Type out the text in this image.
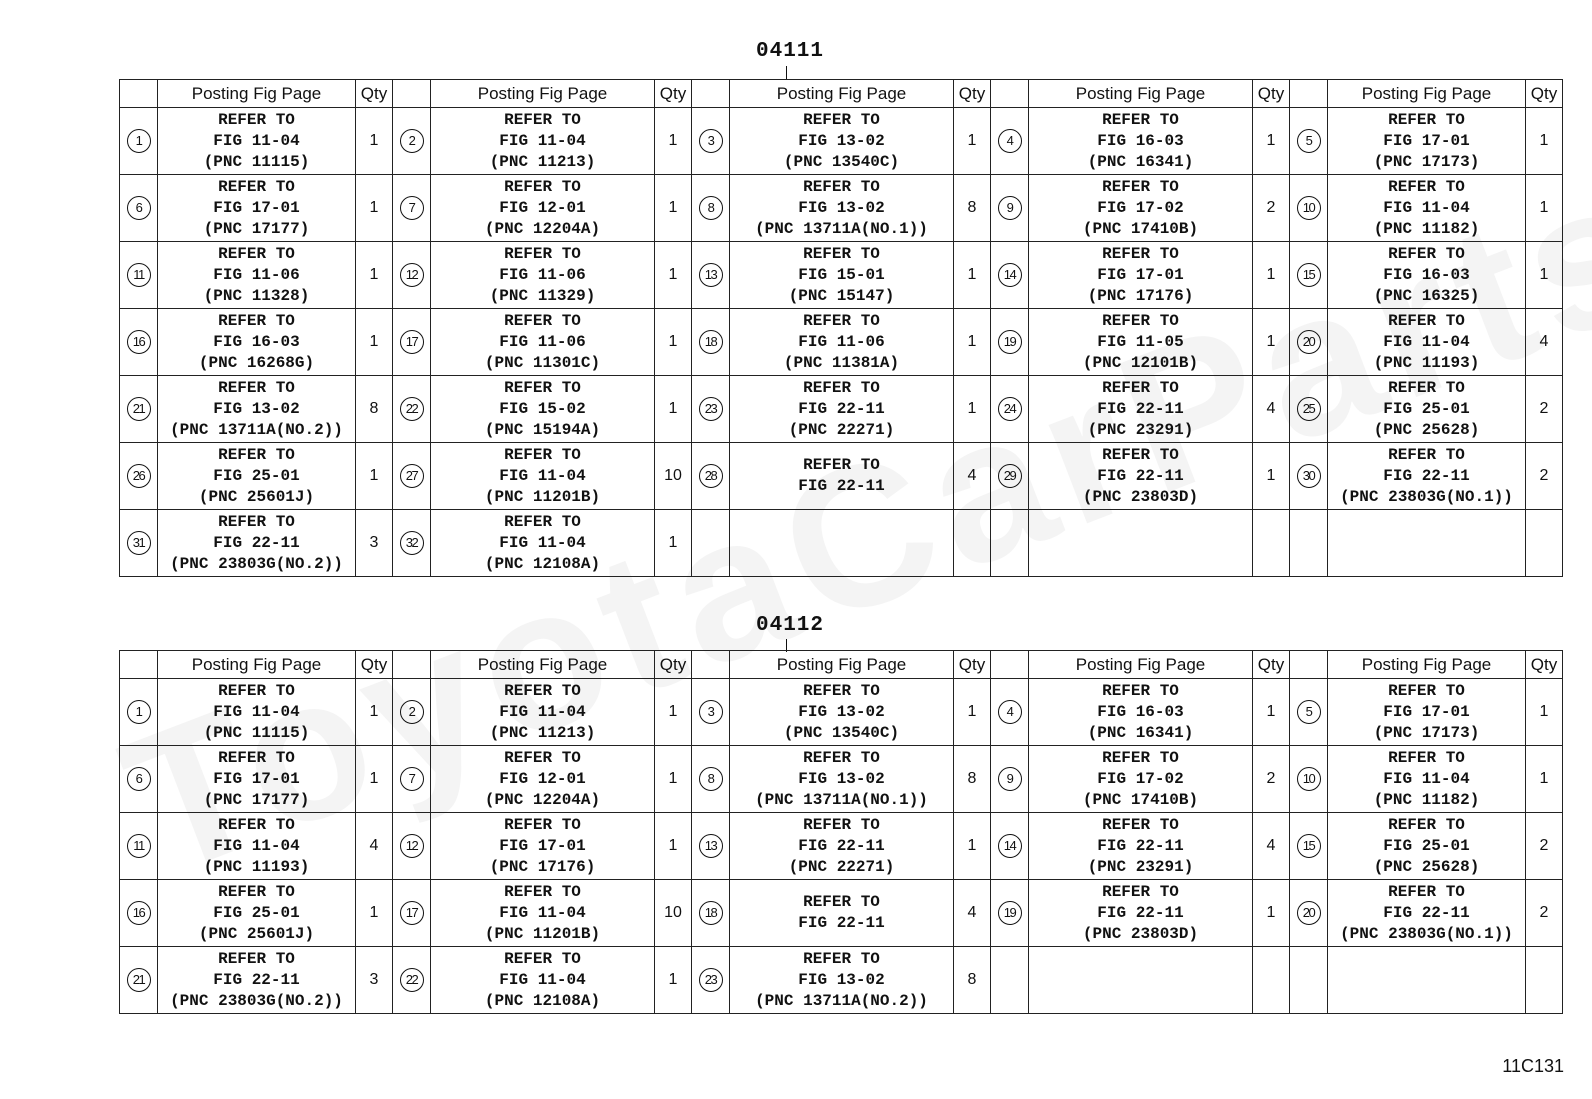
04111
	Posting Fig Page	Qty		Posting Fig Page	Qty		Posting Fig Page	Qty		Posting Fig Page	Qty		Posting Fig Page	Qty
1	REFER TO
FIG 11-04
(PNC 11115)	1	2	REFER TO
FIG 11-04
(PNC 11213)	1	3	REFER TO
FIG 13-02
(PNC 13540C)	1	4	REFER TO
FIG 16-03
(PNC 16341)	1	5	REFER TO
FIG 17-01
(PNC 17173)	1
6	REFER TO
FIG 17-01
(PNC 17177)	1	7	REFER TO
FIG 12-01
(PNC 12204A)	1	8	REFER TO
FIG 13-02
(PNC 13711A(NO.1))	8	9	REFER TO
FIG 17-02
(PNC 17410B)	2	10	REFER TO
FIG 11-04
(PNC 11182)	1
11	REFER TO
FIG 11-06
(PNC 11328)	1	12	REFER TO
FIG 11-06
(PNC 11329)	1	13	REFER TO
FIG 15-01
(PNC 15147)	1	14	REFER TO
FIG 17-01
(PNC 17176)	1	15	REFER TO
FIG 16-03
(PNC 16325)	1
16	REFER TO
FIG 16-03
(PNC 16268G)	1	17	REFER TO
FIG 11-06
(PNC 11301C)	1	18	REFER TO
FIG 11-06
(PNC 11381A)	1	19	REFER TO
FIG 11-05
(PNC 12101B)	1	20	REFER TO
FIG 11-04
(PNC 11193)	4
21	REFER TO
FIG 13-02
(PNC 13711A(NO.2))	8	22	REFER TO
FIG 15-02
(PNC 15194A)	1	23	REFER TO
FIG 22-11
(PNC 22271)	1	24	REFER TO
FIG 22-11
(PNC 23291)	4	25	REFER TO
FIG 25-01
(PNC 25628)	2
26	REFER TO
FIG 25-01
(PNC 25601J)	1	27	REFER TO
FIG 11-04
(PNC 11201B)	10	28	REFER TO
FIG 22-11	4	29	REFER TO
FIG 22-11
(PNC 23803D)	1	30	REFER TO
FIG 22-11
(PNC 23803G(NO.1))	2
31	REFER TO
FIG 22-11
(PNC 23803G(NO.2))	3	32	REFER TO
FIG 11-04
(PNC 12108A)	1									
04112
	Posting Fig Page	Qty		Posting Fig Page	Qty		Posting Fig Page	Qty		Posting Fig Page	Qty		Posting Fig Page	Qty
1	REFER TO
FIG 11-04
(PNC 11115)	1	2	REFER TO
FIG 11-04
(PNC 11213)	1	3	REFER TO
FIG 13-02
(PNC 13540C)	1	4	REFER TO
FIG 16-03
(PNC 16341)	1	5	REFER TO
FIG 17-01
(PNC 17173)	1
6	REFER TO
FIG 17-01
(PNC 17177)	1	7	REFER TO
FIG 12-01
(PNC 12204A)	1	8	REFER TO
FIG 13-02
(PNC 13711A(NO.1))	8	9	REFER TO
FIG 17-02
(PNC 17410B)	2	10	REFER TO
FIG 11-04
(PNC 11182)	1
11	REFER TO
FIG 11-04
(PNC 11193)	4	12	REFER TO
FIG 17-01
(PNC 17176)	1	13	REFER TO
FIG 22-11
(PNC 22271)	1	14	REFER TO
FIG 22-11
(PNC 23291)	4	15	REFER TO
FIG 25-01
(PNC 25628)	2
16	REFER TO
FIG 25-01
(PNC 25601J)	1	17	REFER TO
FIG 11-04
(PNC 11201B)	10	18	REFER TO
FIG 22-11	4	19	REFER TO
FIG 22-11
(PNC 23803D)	1	20	REFER TO
FIG 22-11
(PNC 23803G(NO.1))	2
21	REFER TO
FIG 22-11
(PNC 23803G(NO.2))	3	22	REFER TO
FIG 11-04
(PNC 12108A)	1	23	REFER TO
FIG 13-02
(PNC 13711A(NO.2))	8						
11C131
